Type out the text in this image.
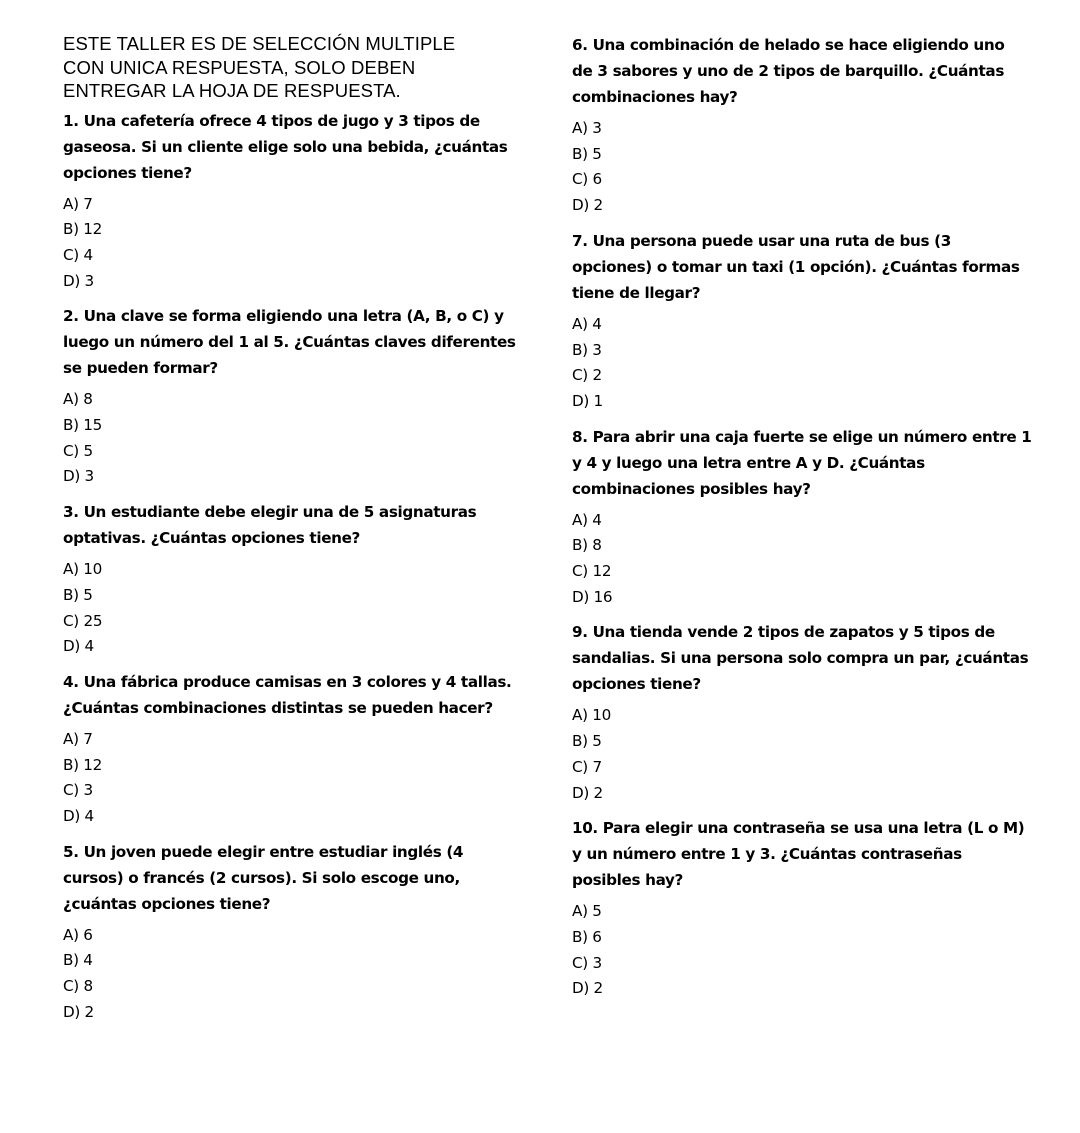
ESTE TALLER ES DE SELECCIÓN MULTIPLE
CON UNICA RESPUESTA, SOLO DEBEN
ENTREGAR LA HOJA DE RESPUESTA.
1. Una cafetería ofrece 4 tipos de jugo y 3 tipos de
gaseosa. Si un cliente elige solo una bebida, ¿cuántas
opciones tiene?
A) 7
B) 12
C) 4
D) 3
2. Una clave se forma eligiendo una letra (A, B, o C) y
luego un número del 1 al 5. ¿Cuántas claves diferentes
se pueden formar?
A) 8
B) 15
C) 5
D) 3
3. Un estudiante debe elegir una de 5 asignaturas
optativas. ¿Cuántas opciones tiene?
A) 10
B) 5
C) 25
D) 4
4. Una fábrica produce camisas en 3 colores y 4 tallas.
¿Cuántas combinaciones distintas se pueden hacer?
A) 7
B) 12
C) 3
D) 4
5. Un joven puede elegir entre estudiar inglés (4
cursos) o francés (2 cursos). Si solo escoge uno,
¿cuántas opciones tiene?
A) 6
B) 4
C) 8
D) 2
6. Una combinación de helado se hace eligiendo uno
de 3 sabores y uno de 2 tipos de barquillo. ¿Cuántas
combinaciones hay?
A) 3
B) 5
C) 6
D) 2
7. Una persona puede usar una ruta de bus (3
opciones) o tomar un taxi (1 opción). ¿Cuántas formas
tiene de llegar?
A) 4
B) 3
C) 2
D) 1
8. Para abrir una caja fuerte se elige un número entre 1
y 4 y luego una letra entre A y D. ¿Cuántas
combinaciones posibles hay?
A) 4
B) 8
C) 12
D) 16
9. Una tienda vende 2 tipos de zapatos y 5 tipos de
sandalias. Si una persona solo compra un par, ¿cuántas
opciones tiene?
A) 10
B) 5
C) 7
D) 2
10. Para elegir una contraseña se usa una letra (L o M)
y un número entre 1 y 3. ¿Cuántas contraseñas
posibles hay?
A) 5
B) 6
C) 3
D) 2
